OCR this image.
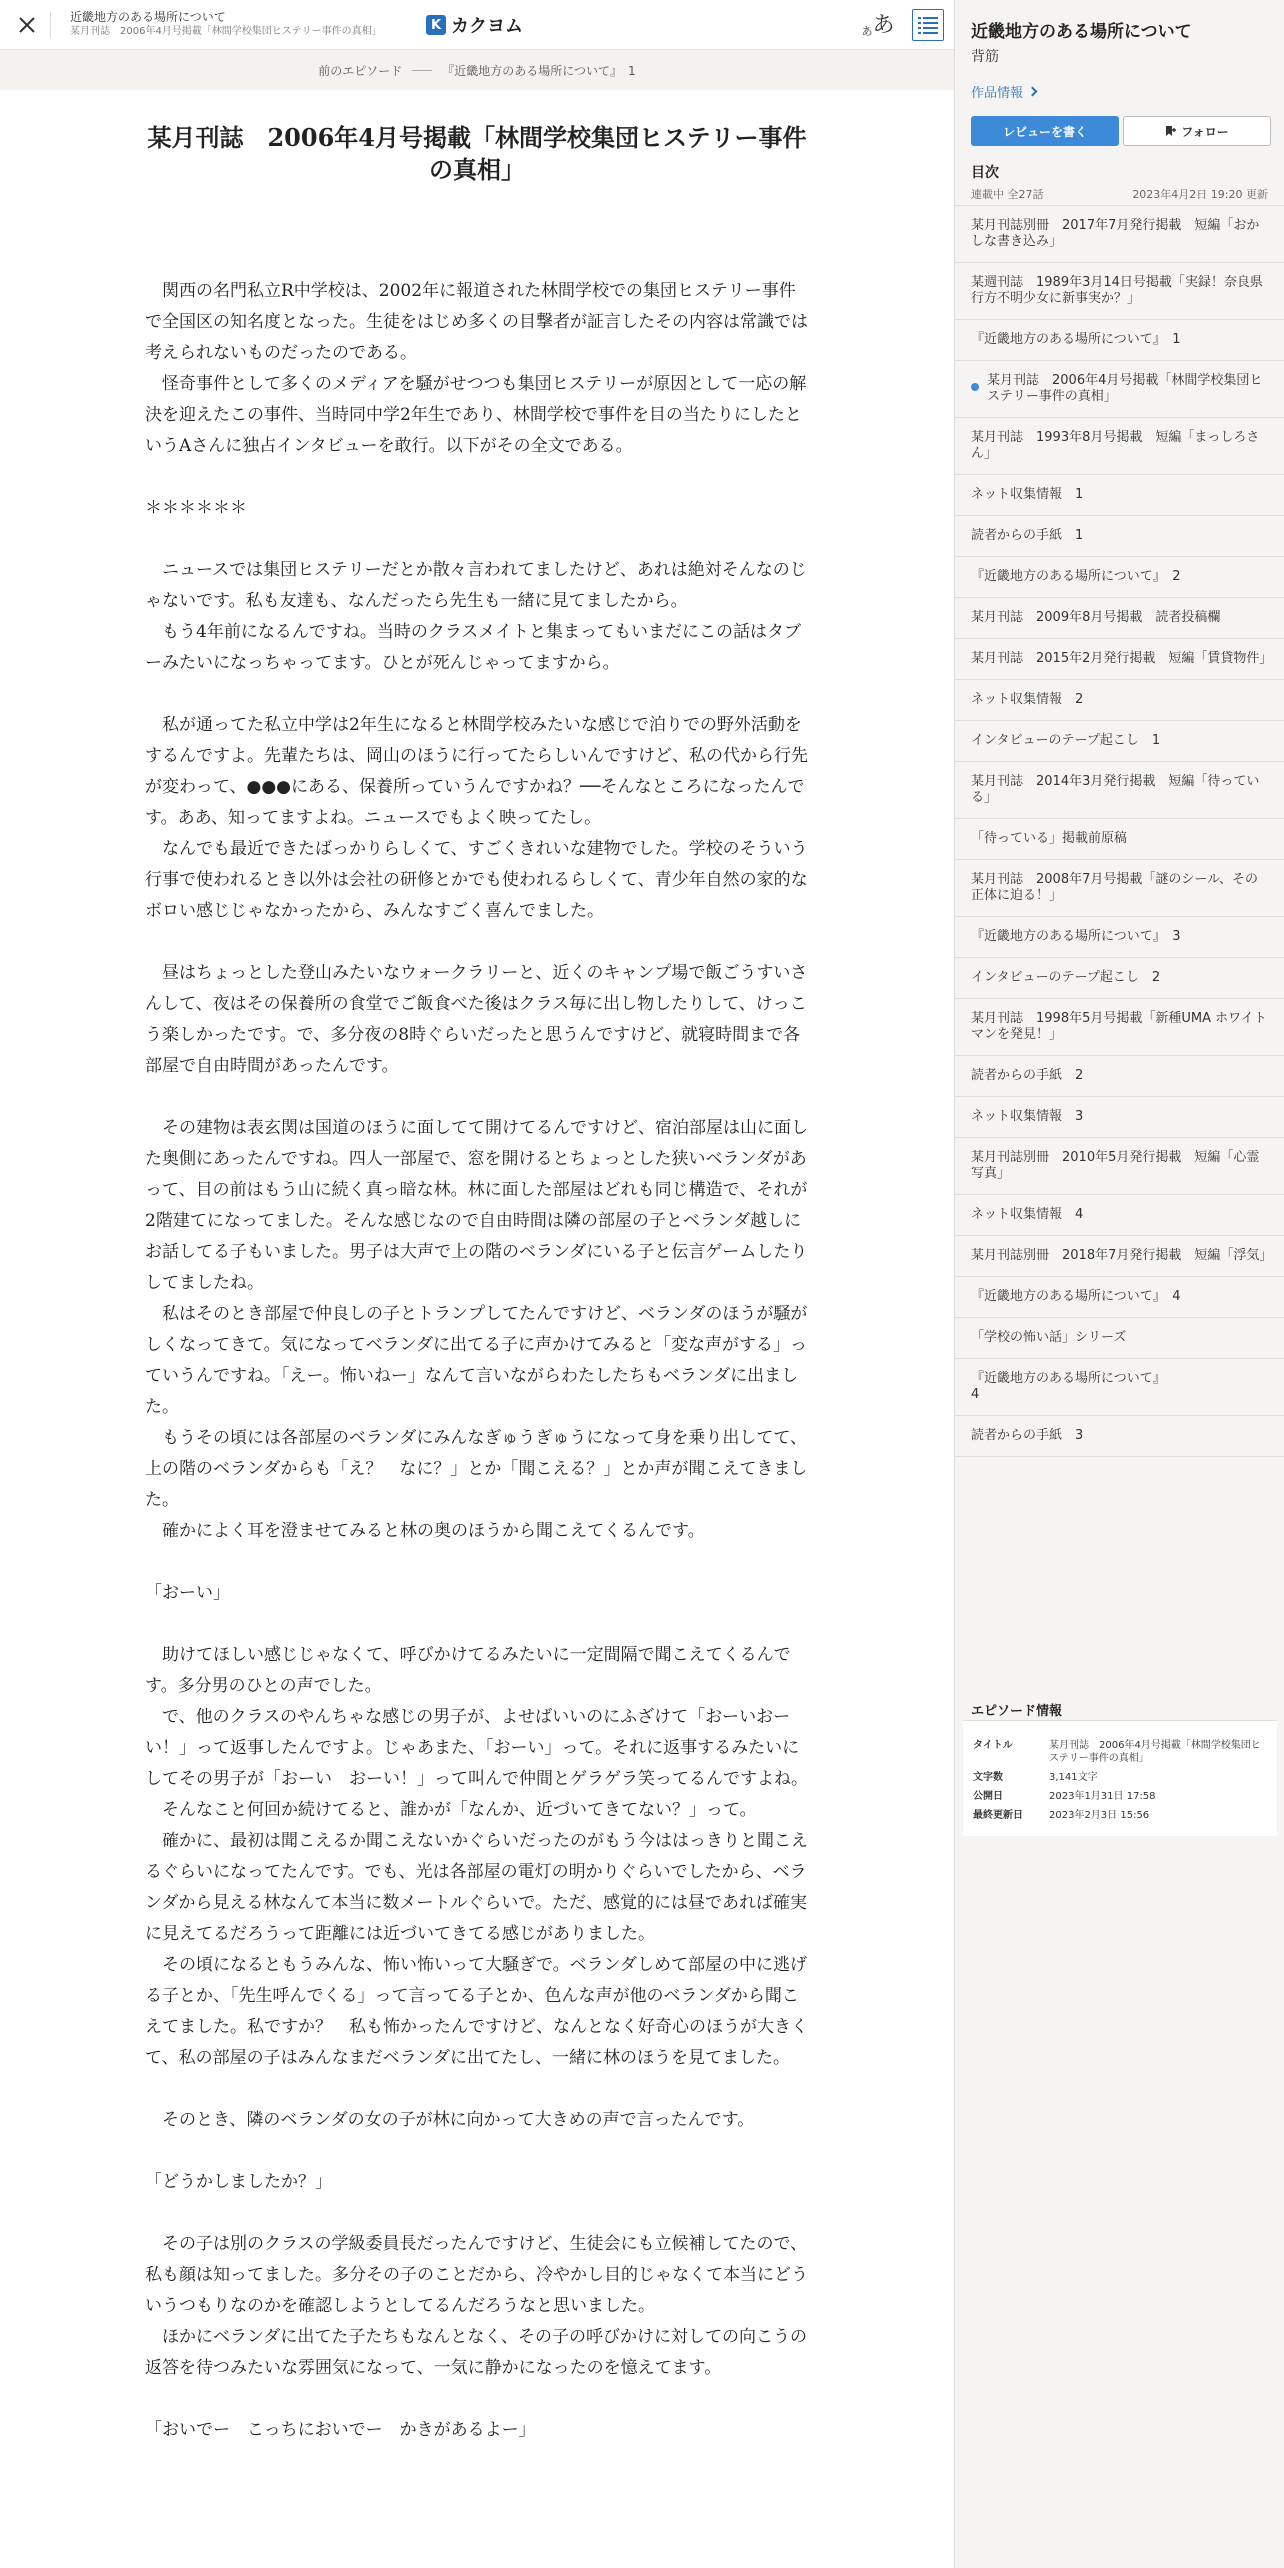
近畿地方のある場所について
某月刊誌　2006年4月号掲載「林間学校集団ヒステリー事件の真相」	K カクヨム	あ あ
前のエピソード	『近畿地方のある場所について』　1
某月刊誌　2006年4月号掲載「林間学校集団ヒステリー事件の真相」

　関西の名門私立R中学校は、2002年に報道された林間学校での集団ヒステリー事件で全国区の知名度となった。生徒をはじめ多くの目撃者が証言したその内容は常識では考えられないものだったのである。

　怪奇事件として多くのメディアを騒がせつつも集団ヒステリーが原因として一応の解決を迎えたこの事件、当時同中学2年生であり、林間学校で事件を目の当たりにしたというAさんに独占インタビューを敢行。以下がその全文である。

＊＊＊＊＊＊

　ニュースでは集団ヒステリーだとか散々言われてましたけど、あれは絶対そんなのじゃないです。私も友達も、なんだったら先生も一緒に見てましたから。

　もう4年前になるんですね。当時のクラスメイトと集まってもいまだにこの話はタブーみたいになっちゃってます。ひとが死んじゃってますから。

　私が通ってた私立中学は2年生になると林間学校みたいな感じで泊りでの野外活動をするんですよ。先輩たちは、岡山のほうに行ってたらしいんですけど、私の代から行先が変わって、●●●にある、保養所っていうんですかね？──そんなところになったんです。ああ、知ってますよね。ニュースでもよく映ってたし。

　なんでも最近できたばっかりらしくて、すごくきれいな建物でした。学校のそういう行事で使われるとき以外は会社の研修とかでも使われるらしくて、青少年自然の家的なボロい感じじゃなかったから、みんなすごく喜んでました。

　昼はちょっとした登山みたいなウォークラリーと、近くのキャンプ場で飯ごうすいさんして、夜はその保養所の食堂でご飯食べた後はクラス毎に出し物したりして、けっこう楽しかったです。で、多分夜の8時ぐらいだったと思うんですけど、就寝時間まで各部屋で自由時間があったんです。

　その建物は表玄関は国道のほうに面してて開けてるんですけど、宿泊部屋は山に面した奥側にあったんですね。四人一部屋で、窓を開けるとちょっとした狭いベランダがあって、目の前はもう山に続く真っ暗な林。林に面した部屋はどれも同じ構造で、それが2階建てになってました。そんな感じなので自由時間は隣の部屋の子とベランダ越しにお話してる子もいました。男子は大声で上の階のベランダにいる子と伝言ゲームしたりしてましたね。

　私はそのとき部屋で仲良しの子とトランプしてたんですけど、ベランダのほうが騒がしくなってきて。気になってベランダに出てる子に声かけてみると「変な声がする」っていうんですね。「えー。怖いねー」なんて言いながらわたしたちもベランダに出ました。

　もうその頃には各部屋のベランダにみんなぎゅうぎゅうになって身を乗り出してて、上の階のベランダからも「え？　なに？」とか「聞こえる？」とか声が聞こえてきました。

　確かによく耳を澄ませてみると林の奥のほうから聞こえてくるんです。

「おーい」

　助けてほしい感じじゃなくて、呼びかけてるみたいに一定間隔で聞こえてくるんです。多分男のひとの声でした。

　で、他のクラスのやんちゃな感じの男子が、よせばいいのにふざけて「おーいおーい！」って返事したんですよ。じゃあまた、「おーい」って。それに返事するみたいにしてその男子が「おーい　おーい！」って叫んで仲間とゲラゲラ笑ってるんですよね。

　そんなこと何回か続けてると、誰かが「なんか、近づいてきてない？」って。

　確かに、最初は聞こえるか聞こえないかぐらいだったのがもう今ははっきりと聞こえるぐらいになってたんです。でも、光は各部屋の電灯の明かりぐらいでしたから、ベランダから見える林なんて本当に数メートルぐらいで。ただ、感覚的には昼であれば確実に見えてるだろうって距離には近づいてきてる感じがありました。

　その頃になるともうみんな、怖い怖いって大騒ぎで。ベランダしめて部屋の中に逃げる子とか、「先生呼んでくる」って言ってる子とか、色んな声が他のベランダから聞こえてました。私ですか？　私も怖かったんですけど、なんとなく好奇心のほうが大きくて、私の部屋の子はみんなまだベランダに出てたし、一緒に林のほうを見てました。

　そのとき、隣のベランダの女の子が林に向かって大きめの声で言ったんです。

「どうかしましたか？」

　その子は別のクラスの学級委員長だったんですけど、生徒会にも立候補してたので、私も顔は知ってました。多分その子のことだから、冷やかし目的じゃなくて本当にどういうつもりなのかを確認しようとしてるんだろうなと思いました。

　ほかにベランダに出てた子たちもなんとなく、その子の呼びかけに対しての向こうの返答を待つみたいな雰囲気になって、一気に静かになったのを憶えてます。

「おいでー　こっちにおいでー　かきがあるよー」

近畿地方のある場所について
背筋
作品情報
レビューを書く	フォロー
目次
連載中 全27話	2023年4月2日 19:20 更新
某月刊誌別冊　2017年7月発行掲載　短編「おかしな書き込み」
某週刊誌　1989年3月14日号掲載「実録！奈良県行方不明少女に新事実か？」
『近畿地方のある場所について』　1
某月刊誌　2006年4月号掲載「林間学校集団ヒステリー事件の真相」
某月刊誌　1993年8月号掲載　短編「まっしろさん」
ネット収集情報　1
読者からの手紙　1
『近畿地方のある場所について』　2
某月刊誌　2009年8月号掲載　読者投稿欄
某月刊誌　2015年2月発行掲載　短編「賃貸物件」
ネット収集情報　2
インタビューのテープ起こし　1
某月刊誌　2014年3月発行掲載　短編「待っている」
「待っている」掲載前原稿
某月刊誌　2008年7月号掲載「謎のシール、その正体に迫る！」
『近畿地方のある場所について』　3
インタビューのテープ起こし　2
某月刊誌　1998年5月号掲載「新種UMA ホワイトマンを発見！」
読者からの手紙　2
ネット収集情報　3
某月刊誌別冊　2010年5月発行掲載　短編「心霊写真」
ネット収集情報　4
某月刊誌別冊　2018年7月発行掲載　短編「浮気」
『近畿地方のある場所について』　4
「学校の怖い話」シリーズ
『近畿地方のある場所について』
4
読者からの手紙　3
エピソード情報
タイトル	某月刊誌　2006年4月号掲載「林間学校集団ヒステリー事件の真相」
文字数	3,141文字
公開日	2023年1月31日 17:58
最終更新日	2023年2月3日 15:56
